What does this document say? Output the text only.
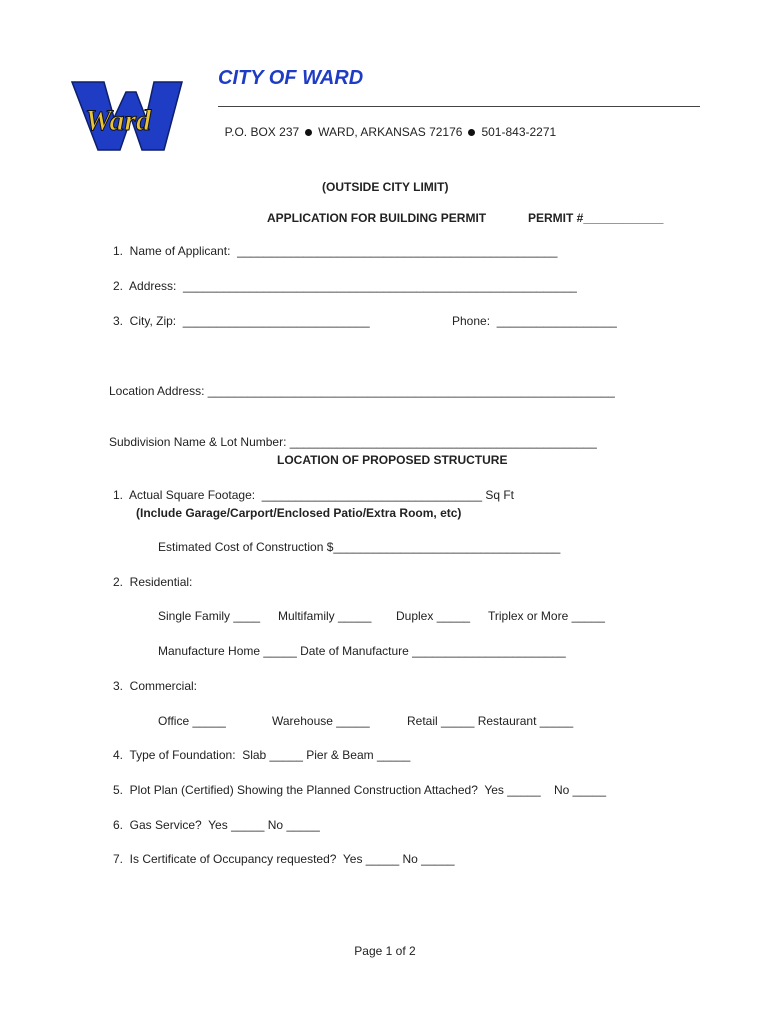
Ward
CITY OF WARD

P.O. BOX 237 WARD, ARKANSAS 72176 501-843-2271

(OUTSIDE CITY LIMIT)
APPLICATION FOR BUILDING PERMIT	PERMIT #____________
1.  Name of Applicant:  ________________________________________________
2.  Address:  ___________________________________________________________
3.  City, Zip:  ____________________________	Phone:  __________________
Location Address: _____________________________________________________________
Subdivision Name & Lot Number: ______________________________________________
LOCATION OF PROPOSED STRUCTURE
1.  Actual Square Footage:  _________________________________ Sq Ft
(Include Garage/Carport/Enclosed Patio/Extra Room, etc)
Estimated Cost of Construction $__________________________________
2.  Residential:
Single Family ____ Multifamily _____ Duplex _____ Triplex or More _____
Manufacture Home _____ Date of Manufacture _______________________
3.  Commercial:
Office _____	Warehouse _____	Retail _____ Restaurant _____
4.  Type of Foundation:  Slab _____ Pier & Beam _____
5.  Plot Plan (Certified) Showing the Planned Construction Attached?  Yes _____    No _____
6.  Gas Service?  Yes _____ No _____
7.  Is Certificate of Occupancy requested?  Yes _____ No _____
Page 1 of 2
